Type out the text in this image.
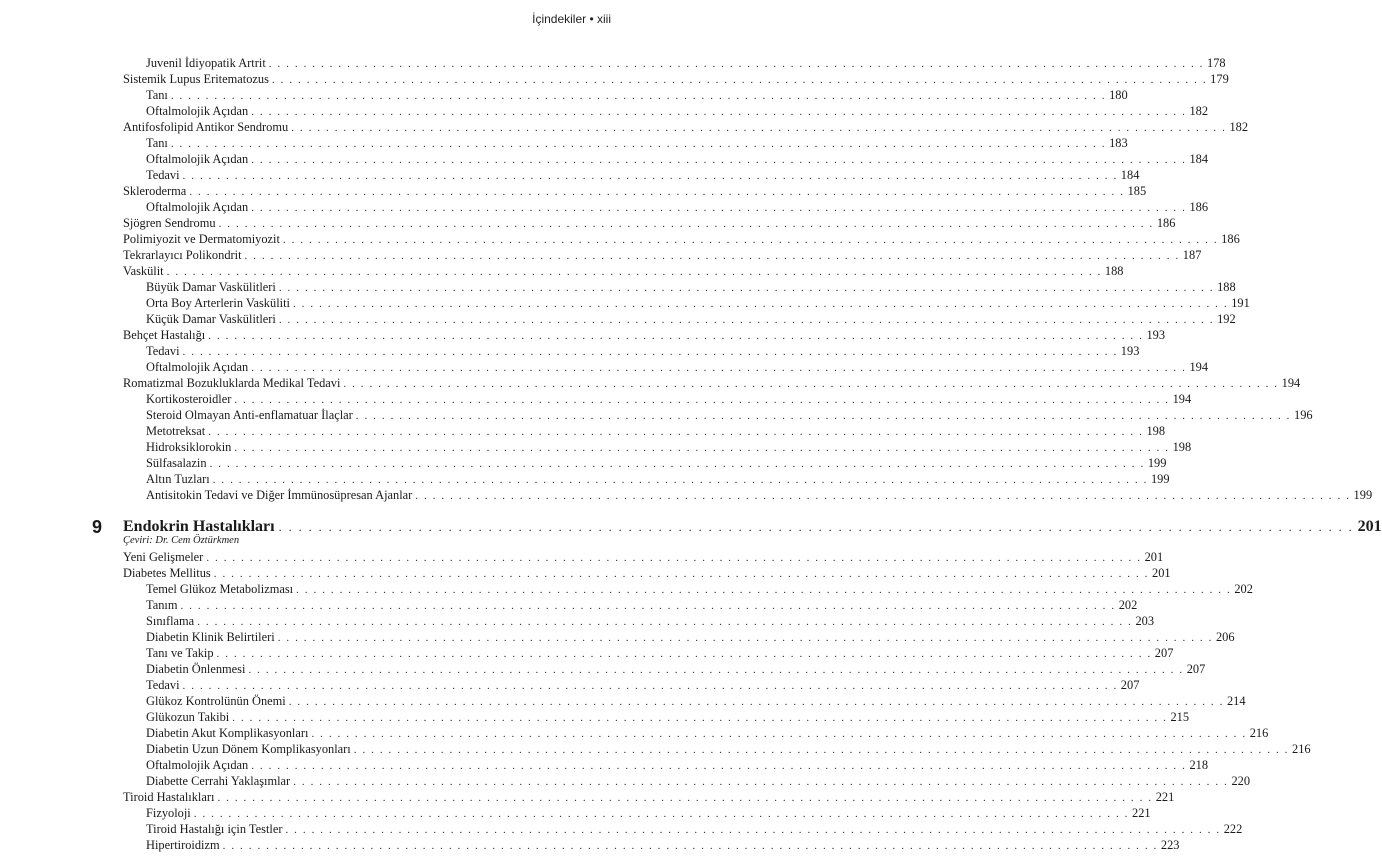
İçindekiler • xiii
Juvenil İdiyopatik Artrit . . . . . . . . . . . . . . . . . . . . . . . . . . . . . . . . . . . . . . . . . . . . . . . . . . . . . . . . . . . . . . . . . . . . . . . . . . . . . . . . . . . . . . . . . . . . . . . . . . . . . . . . . . . . 178
Sistemik Lupus Eritematozus . . . . . . . . . . . . . . . . . . . . . . . . . . . . . . . . . . . . . . . . . . . . . . . . . . . . . . . . . . . . . . . . . . . . . . . . . . . . . . . . . . . . . . . . . . . . . . . . . . . . . . . . . . . . 179
Tanı . . . . . . . . . . . . . . . . . . . . . . . . . . . . . . . . . . . . . . . . . . . . . . . . . . . . . . . . . . . . . . . . . . . . . . . . . . . . . . . . . . . . . . . . . . . . . . . . . . . . . . . . . . . . 180
Oftalmolojik Açıdan . . . . . . . . . . . . . . . . . . . . . . . . . . . . . . . . . . . . . . . . . . . . . . . . . . . . . . . . . . . . . . . . . . . . . . . . . . . . . . . . . . . . . . . . . . . . . . . . . . . . . . . . . . . . 182
Antifosfolipid Antikor Sendromu . . . . . . . . . . . . . . . . . . . . . . . . . . . . . . . . . . . . . . . . . . . . . . . . . . . . . . . . . . . . . . . . . . . . . . . . . . . . . . . . . . . . . . . . . . . . . . . . . . . . . . . . . . . . 182
Tanı . . . . . . . . . . . . . . . . . . . . . . . . . . . . . . . . . . . . . . . . . . . . . . . . . . . . . . . . . . . . . . . . . . . . . . . . . . . . . . . . . . . . . . . . . . . . . . . . . . . . . . . . . . . . 183
Oftalmolojik Açıdan . . . . . . . . . . . . . . . . . . . . . . . . . . . . . . . . . . . . . . . . . . . . . . . . . . . . . . . . . . . . . . . . . . . . . . . . . . . . . . . . . . . . . . . . . . . . . . . . . . . . . . . . . . . . 184
Tedavi . . . . . . . . . . . . . . . . . . . . . . . . . . . . . . . . . . . . . . . . . . . . . . . . . . . . . . . . . . . . . . . . . . . . . . . . . . . . . . . . . . . . . . . . . . . . . . . . . . . . . . . . . . . . 184
Skleroderma . . . . . . . . . . . . . . . . . . . . . . . . . . . . . . . . . . . . . . . . . . . . . . . . . . . . . . . . . . . . . . . . . . . . . . . . . . . . . . . . . . . . . . . . . . . . . . . . . . . . . . . . . . . . 185
Oftalmolojik Açıdan . . . . . . . . . . . . . . . . . . . . . . . . . . . . . . . . . . . . . . . . . . . . . . . . . . . . . . . . . . . . . . . . . . . . . . . . . . . . . . . . . . . . . . . . . . . . . . . . . . . . . . . . . . . . 186
Sjögren Sendromu . . . . . . . . . . . . . . . . . . . . . . . . . . . . . . . . . . . . . . . . . . . . . . . . . . . . . . . . . . . . . . . . . . . . . . . . . . . . . . . . . . . . . . . . . . . . . . . . . . . . . . . . . . . . 186
Polimiyozit ve Dermatomiyozit . . . . . . . . . . . . . . . . . . . . . . . . . . . . . . . . . . . . . . . . . . . . . . . . . . . . . . . . . . . . . . . . . . . . . . . . . . . . . . . . . . . . . . . . . . . . . . . . . . . . . . . . . . . . 186
Tekrarlayıcı Polikondrit . . . . . . . . . . . . . . . . . . . . . . . . . . . . . . . . . . . . . . . . . . . . . . . . . . . . . . . . . . . . . . . . . . . . . . . . . . . . . . . . . . . . . . . . . . . . . . . . . . . . . . . . . . . . 187
Vaskülit . . . . . . . . . . . . . . . . . . . . . . . . . . . . . . . . . . . . . . . . . . . . . . . . . . . . . . . . . . . . . . . . . . . . . . . . . . . . . . . . . . . . . . . . . . . . . . . . . . . . . . . . . . . . 188
Büyük Damar Vaskülitleri . . . . . . . . . . . . . . . . . . . . . . . . . . . . . . . . . . . . . . . . . . . . . . . . . . . . . . . . . . . . . . . . . . . . . . . . . . . . . . . . . . . . . . . . . . . . . . . . . . . . . . . . . . . . 188
Orta Boy Arterlerin Vasküliti . . . . . . . . . . . . . . . . . . . . . . . . . . . . . . . . . . . . . . . . . . . . . . . . . . . . . . . . . . . . . . . . . . . . . . . . . . . . . . . . . . . . . . . . . . . . . . . . . . . . . . . . . . . . 191
Küçük Damar Vaskülitleri . . . . . . . . . . . . . . . . . . . . . . . . . . . . . . . . . . . . . . . . . . . . . . . . . . . . . . . . . . . . . . . . . . . . . . . . . . . . . . . . . . . . . . . . . . . . . . . . . . . . . . . . . . . . 192
Behçet Hastalığı . . . . . . . . . . . . . . . . . . . . . . . . . . . . . . . . . . . . . . . . . . . . . . . . . . . . . . . . . . . . . . . . . . . . . . . . . . . . . . . . . . . . . . . . . . . . . . . . . . . . . . . . . . . . 193
Tedavi . . . . . . . . . . . . . . . . . . . . . . . . . . . . . . . . . . . . . . . . . . . . . . . . . . . . . . . . . . . . . . . . . . . . . . . . . . . . . . . . . . . . . . . . . . . . . . . . . . . . . . . . . . . . 193
Oftalmolojik Açıdan . . . . . . . . . . . . . . . . . . . . . . . . . . . . . . . . . . . . . . . . . . . . . . . . . . . . . . . . . . . . . . . . . . . . . . . . . . . . . . . . . . . . . . . . . . . . . . . . . . . . . . . . . . . . 194
Romatizmal Bozukluklarda Medikal Tedavi . . . . . . . . . . . . . . . . . . . . . . . . . . . . . . . . . . . . . . . . . . . . . . . . . . . . . . . . . . . . . . . . . . . . . . . . . . . . . . . . . . . . . . . . . . . . . . . . . . . . . . . . . . . . 194
Kortikosteroidler . . . . . . . . . . . . . . . . . . . . . . . . . . . . . . . . . . . . . . . . . . . . . . . . . . . . . . . . . . . . . . . . . . . . . . . . . . . . . . . . . . . . . . . . . . . . . . . . . . . . . . . . . . . . 194
Steroid Olmayan Anti-enflamatuar İlaçlar . . . . . . . . . . . . . . . . . . . . . . . . . . . . . . . . . . . . . . . . . . . . . . . . . . . . . . . . . . . . . . . . . . . . . . . . . . . . . . . . . . . . . . . . . . . . . . . . . . . . . . . . . . . . 196
Metotreksat . . . . . . . . . . . . . . . . . . . . . . . . . . . . . . . . . . . . . . . . . . . . . . . . . . . . . . . . . . . . . . . . . . . . . . . . . . . . . . . . . . . . . . . . . . . . . . . . . . . . . . . . . . . . 198
Hidroksiklorokin . . . . . . . . . . . . . . . . . . . . . . . . . . . . . . . . . . . . . . . . . . . . . . . . . . . . . . . . . . . . . . . . . . . . . . . . . . . . . . . . . . . . . . . . . . . . . . . . . . . . . . . . . . . . 198
Sülfasalazin . . . . . . . . . . . . . . . . . . . . . . . . . . . . . . . . . . . . . . . . . . . . . . . . . . . . . . . . . . . . . . . . . . . . . . . . . . . . . . . . . . . . . . . . . . . . . . . . . . . . . . . . . . . . 199
Altın Tuzları . . . . . . . . . . . . . . . . . . . . . . . . . . . . . . . . . . . . . . . . . . . . . . . . . . . . . . . . . . . . . . . . . . . . . . . . . . . . . . . . . . . . . . . . . . . . . . . . . . . . . . . . . . . . 199
Antisitokin Tedavi ve Diğer İmmünosüpresan Ajanlar . . . . . . . . . . . . . . . . . . . . . . . . . . . . . . . . . . . . . . . . . . . . . . . . . . . . . . . . . . . . . . . . . . . . . . . . . . . . . . . . . . . . . . . . . . . . . . . . . . . . . . . . . . . . 199
9 Endokrin Hastalıkları . . . . . . . . . . . . . . . . . . . . . . . . . . . . . . . . . . . . . . . . . . . . . . . . . . . . . . . . . . . . . . . . . . . . . . . . . . . . . . . . . . . . . . . . . . . . . . . . . . . . . . . . . . . . 201
Çeviri: Dr. Cem Öztürkmen
Yeni Gelişmeler . . . . . . . . . . . . . . . . . . . . . . . . . . . . . . . . . . . . . . . . . . . . . . . . . . . . . . . . . . . . . . . . . . . . . . . . . . . . . . . . . . . . . . . . . . . . . . . . . . . . . . . . . . . . 201
Diabetes Mellitus . . . . . . . . . . . . . . . . . . . . . . . . . . . . . . . . . . . . . . . . . . . . . . . . . . . . . . . . . . . . . . . . . . . . . . . . . . . . . . . . . . . . . . . . . . . . . . . . . . . . . . . . . . . . 201
Temel Glükoz Metabolizması . . . . . . . . . . . . . . . . . . . . . . . . . . . . . . . . . . . . . . . . . . . . . . . . . . . . . . . . . . . . . . . . . . . . . . . . . . . . . . . . . . . . . . . . . . . . . . . . . . . . . . . . . . . . 202
Tanım . . . . . . . . . . . . . . . . . . . . . . . . . . . . . . . . . . . . . . . . . . . . . . . . . . . . . . . . . . . . . . . . . . . . . . . . . . . . . . . . . . . . . . . . . . . . . . . . . . . . . . . . . . . . 202
Sınıflama . . . . . . . . . . . . . . . . . . . . . . . . . . . . . . . . . . . . . . . . . . . . . . . . . . . . . . . . . . . . . . . . . . . . . . . . . . . . . . . . . . . . . . . . . . . . . . . . . . . . . . . . . . . . 203
Diabetin Klinik Belirtileri . . . . . . . . . . . . . . . . . . . . . . . . . . . . . . . . . . . . . . . . . . . . . . . . . . . . . . . . . . . . . . . . . . . . . . . . . . . . . . . . . . . . . . . . . . . . . . . . . . . . . . . . . . . . 206
Tanı ve Takip . . . . . . . . . . . . . . . . . . . . . . . . . . . . . . . . . . . . . . . . . . . . . . . . . . . . . . . . . . . . . . . . . . . . . . . . . . . . . . . . . . . . . . . . . . . . . . . . . . . . . . . . . . . . 207
Diabetin Önlenmesi . . . . . . . . . . . . . . . . . . . . . . . . . . . . . . . . . . . . . . . . . . . . . . . . . . . . . . . . . . . . . . . . . . . . . . . . . . . . . . . . . . . . . . . . . . . . . . . . . . . . . . . . . . . . 207
Tedavi . . . . . . . . . . . . . . . . . . . . . . . . . . . . . . . . . . . . . . . . . . . . . . . . . . . . . . . . . . . . . . . . . . . . . . . . . . . . . . . . . . . . . . . . . . . . . . . . . . . . . . . . . . . . 207
Glükoz Kontrolünün Önemi . . . . . . . . . . . . . . . . . . . . . . . . . . . . . . . . . . . . . . . . . . . . . . . . . . . . . . . . . . . . . . . . . . . . . . . . . . . . . . . . . . . . . . . . . . . . . . . . . . . . . . . . . . . . 214
Glükozun Takibi . . . . . . . . . . . . . . . . . . . . . . . . . . . . . . . . . . . . . . . . . . . . . . . . . . . . . . . . . . . . . . . . . . . . . . . . . . . . . . . . . . . . . . . . . . . . . . . . . . . . . . . . . . . . 215
Diabetin Akut Komplikasyonları . . . . . . . . . . . . . . . . . . . . . . . . . . . . . . . . . . . . . . . . . . . . . . . . . . . . . . . . . . . . . . . . . . . . . . . . . . . . . . . . . . . . . . . . . . . . . . . . . . . . . . . . . . . . 216
Diabetin Uzun Dönem Komplikasyonları . . . . . . . . . . . . . . . . . . . . . . . . . . . . . . . . . . . . . . . . . . . . . . . . . . . . . . . . . . . . . . . . . . . . . . . . . . . . . . . . . . . . . . . . . . . . . . . . . . . . . . . . . . . . 216
Oftalmolojik Açıdan . . . . . . . . . . . . . . . . . . . . . . . . . . . . . . . . . . . . . . . . . . . . . . . . . . . . . . . . . . . . . . . . . . . . . . . . . . . . . . . . . . . . . . . . . . . . . . . . . . . . . . . . . . . . 218
Diabette Cerrahi Yaklaşımlar . . . . . . . . . . . . . . . . . . . . . . . . . . . . . . . . . . . . . . . . . . . . . . . . . . . . . . . . . . . . . . . . . . . . . . . . . . . . . . . . . . . . . . . . . . . . . . . . . . . . . . . . . . . . 220
Tiroid Hastalıkları . . . . . . . . . . . . . . . . . . . . . . . . . . . . . . . . . . . . . . . . . . . . . . . . . . . . . . . . . . . . . . . . . . . . . . . . . . . . . . . . . . . . . . . . . . . . . . . . . . . . . . . . . . . . 221
Fizyoloji . . . . . . . . . . . . . . . . . . . . . . . . . . . . . . . . . . . . . . . . . . . . . . . . . . . . . . . . . . . . . . . . . . . . . . . . . . . . . . . . . . . . . . . . . . . . . . . . . . . . . . . . . . . . 221
Tiroid Hastalığı için Testler . . . . . . . . . . . . . . . . . . . . . . . . . . . . . . . . . . . . . . . . . . . . . . . . . . . . . . . . . . . . . . . . . . . . . . . . . . . . . . . . . . . . . . . . . . . . . . . . . . . . . . . . . . . . 222
Hipertiroidizm . . . . . . . . . . . . . . . . . . . . . . . . . . . . . . . . . . . . . . . . . . . . . . . . . . . . . . . . . . . . . . . . . . . . . . . . . . . . . . . . . . . . . . . . . . . . . . . . . . . . . . . . . . . . 223
